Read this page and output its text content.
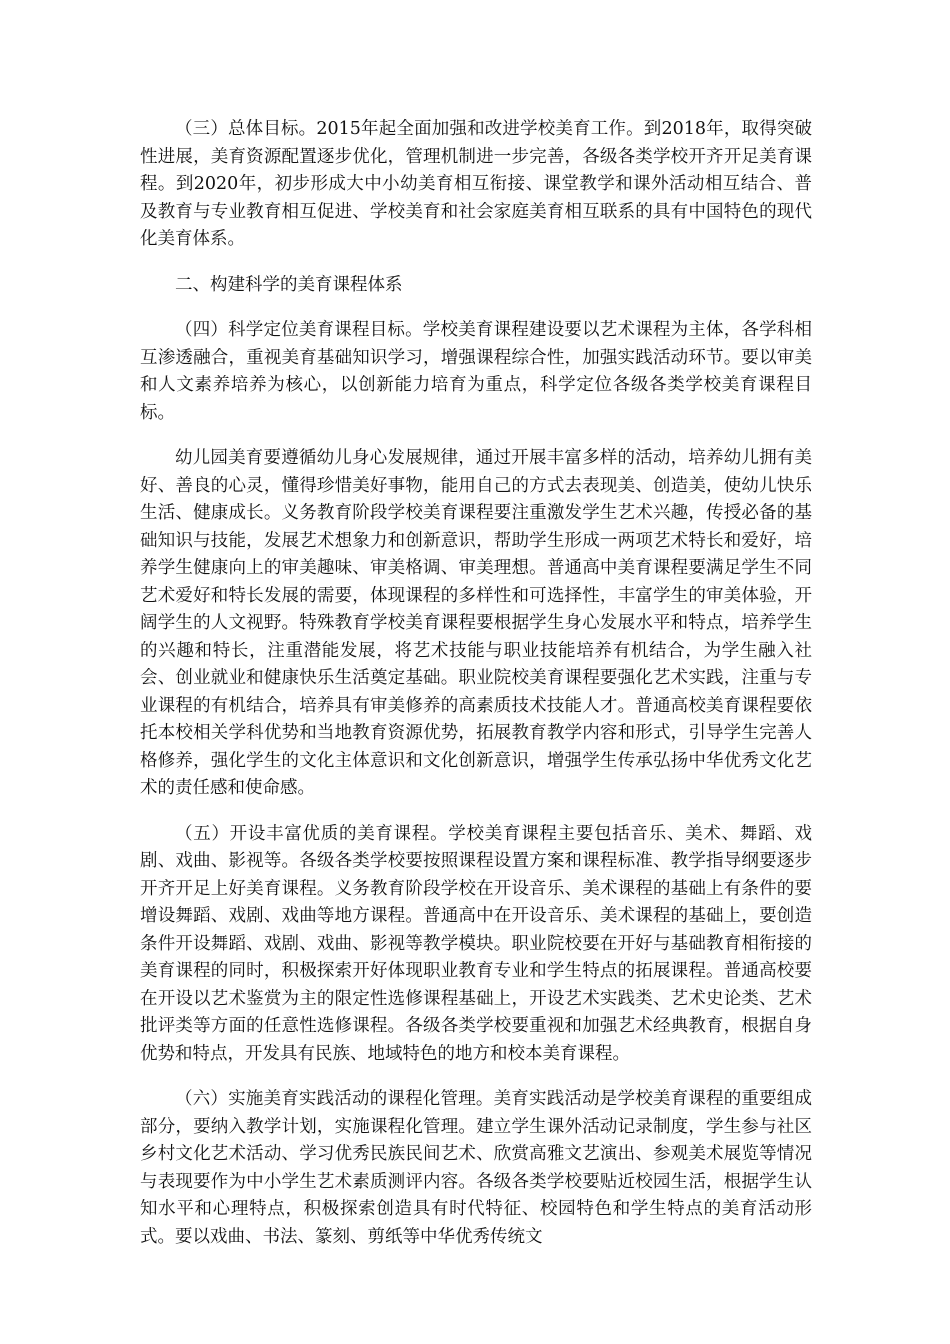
（三）总体目标。2015年起全面加强和改进学校美育工作。到2018年，取得突破性进展，美育资源配置逐步优化，管理机制进一步完善，各级各类学校开齐开足美育课程。到2020年，初步形成大中小幼美育相互衔接、课堂教学和课外活动相互结合、普及教育与专业教育相互促进、学校美育和社会家庭美育相互联系的具有中国特色的现代化美育体系。

二、构建科学的美育课程体系

（四）科学定位美育课程目标。学校美育课程建设要以艺术课程为主体，各学科相互渗透融合，重视美育基础知识学习，增强课程综合性，加强实践活动环节。要以审美和人文素养培养为核心，以创新能力培育为重点，科学定位各级各类学校美育课程目标。

幼儿园美育要遵循幼儿身心发展规律，通过开展丰富多样的活动，培养幼儿拥有美好、善良的心灵，懂得珍惜美好事物，能用自己的方式去表现美、创造美，使幼儿快乐生活、健康成长。义务教育阶段学校美育课程要注重激发学生艺术兴趣，传授必备的基础知识与技能，发展艺术想象力和创新意识，帮助学生形成一两项艺术特长和爱好，培养学生健康向上的审美趣味、审美格调、审美理想。普通高中美育课程要满足学生不同艺术爱好和特长发展的需要，体现课程的多样性和可选择性，丰富学生的审美体验，开阔学生的人文视野。特殊教育学校美育课程要根据学生身心发展水平和特点，培养学生的兴趣和特长，注重潜能发展，将艺术技能与职业技能培养有机结合，为学生融入社会、创业就业和健康快乐生活奠定基础。职业院校美育课程要强化艺术实践，注重与专业课程的有机结合，培养具有审美修养的高素质技术技能人才。普通高校美育课程要依托本校相关学科优势和当地教育资源优势，拓展教育教学内容和形式，引导学生完善人格修养，强化学生的文化主体意识和文化创新意识，增强学生传承弘扬中华优秀文化艺术的责任感和使命感。

（五）开设丰富优质的美育课程。学校美育课程主要包括音乐、美术、舞蹈、戏剧、戏曲、影视等。各级各类学校要按照课程设置方案和课程标准、教学指导纲要逐步开齐开足上好美育课程。义务教育阶段学校在开设音乐、美术课程的基础上有条件的要增设舞蹈、戏剧、戏曲等地方课程。普通高中在开设音乐、美术课程的基础上，要创造条件开设舞蹈、戏剧、戏曲、影视等教学模块。职业院校要在开好与基础教育相衔接的美育课程的同时，积极探索开好体现职业教育专业和学生特点的拓展课程。普通高校要在开设以艺术鉴赏为主的限定性选修课程基础上，开设艺术实践类、艺术史论类、艺术批评类等方面的任意性选修课程。各级各类学校要重视和加强艺术经典教育，根据自身优势和特点，开发具有民族、地域特色的地方和校本美育课程。

（六）实施美育实践活动的课程化管理。美育实践活动是学校美育课程的重要组成部分，要纳入教学计划，实施课程化管理。建立学生课外活动记录制度，学生参与社区乡村文化艺术活动、学习优秀民族民间艺术、欣赏高雅文艺演出、参观美术展览等情况与表现要作为中小学生艺术素质测评内容。各级各类学校要贴近校园生活，根据学生认知水平和心理特点，积极探索创造具有时代特征、校园特色和学生特点的美育活动形式。要以戏曲、书法、篆刻、剪纸等中华优秀传统文
